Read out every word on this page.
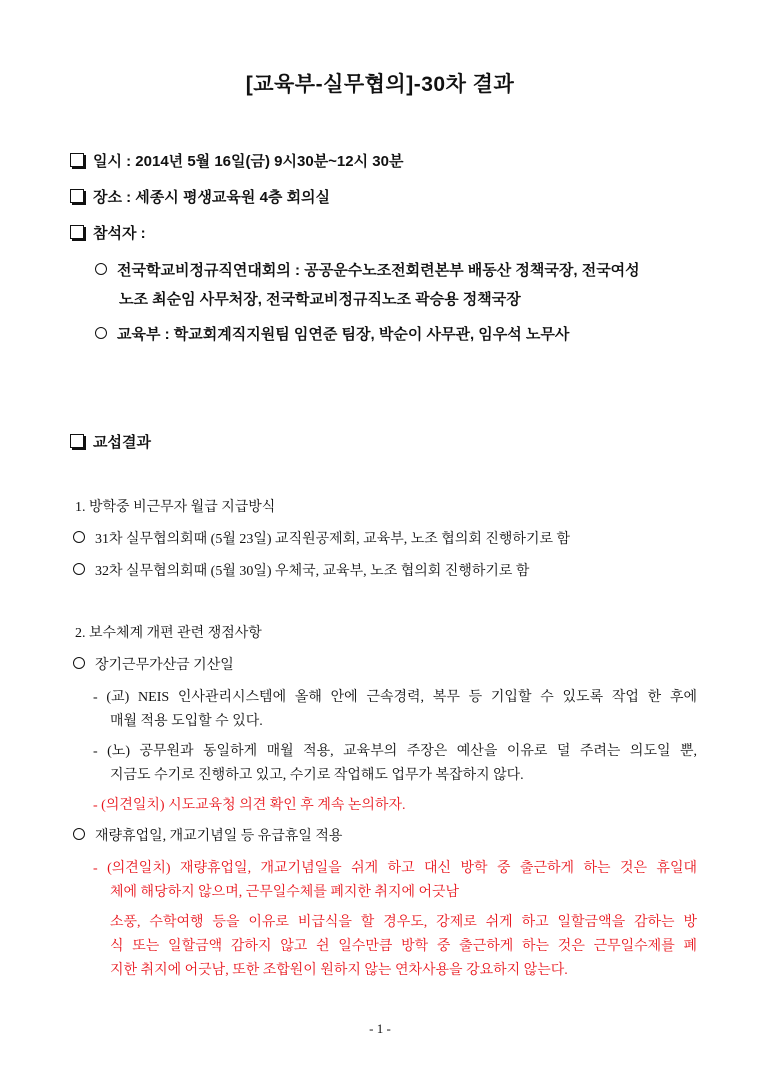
[교육부-실무협의]-30차 결과
일시 : 2014년 5월 16일(금) 9시30분~12시 30분
장소 : 세종시 평생교육원 4층 회의실
참석자 :
전국학교비정규직연대회의 : 공공운수노조전회련본부 배동산 정책국장, 전국여성
노조 최순임 사무처장, 전국학교비정규직노조 곽승용 정책국장
교육부 : 학교회계직지원팀 임연준 팀장, 박순이 사무관, 임우석 노무사
교섭결과
1. 방학중 비근무자 월급 지급방식
31차 실무협의회때 (5월 23일) 교직원공제회, 교육부, 노조 협의회 진행하기로 함
32차 실무협의회때 (5월 30일) 우체국, 교육부, 노조 협의회 진행하기로 함
2. 보수체계 개편 관련 쟁점사항
장기근무가산금 기산일
- (교) NEIS 인사관리시스템에 올해 안에 근속경력, 복무 등 기입할 수 있도록 작업 한 후에
매월 적용 도입할 수 있다.
- (노) 공무원과 동일하게 매월 적용, 교육부의 주장은 예산을 이유로 덜 주려는 의도일 뿐,
지금도 수기로 진행하고 있고, 수기로 작업해도 업무가 복잡하지 않다.
- (의견일치) 시도교육청 의견 확인 후 계속 논의하자.
재량휴업일, 개교기념일 등 유급휴일 적용
- (의견일치) 재량휴업일, 개교기념일을 쉬게 하고 대신 방학 중 출근하게 하는 것은 휴일대
체에 해당하지 않으며, 근무일수체를 폐지한 취지에 어긋남
소풍, 수학여행 등을 이유로 비급식을 할 경우도, 강제로 쉬게 하고 일할금액을 감하는 방
식 또는 일할금액 감하지 않고 쉰 일수만큼 방학 중 출근하게 하는 것은 근무일수제를 폐
지한 취지에 어긋남, 또한 조합원이 원하지 않는 연차사용을 강요하지 않는다.
- 1 -
